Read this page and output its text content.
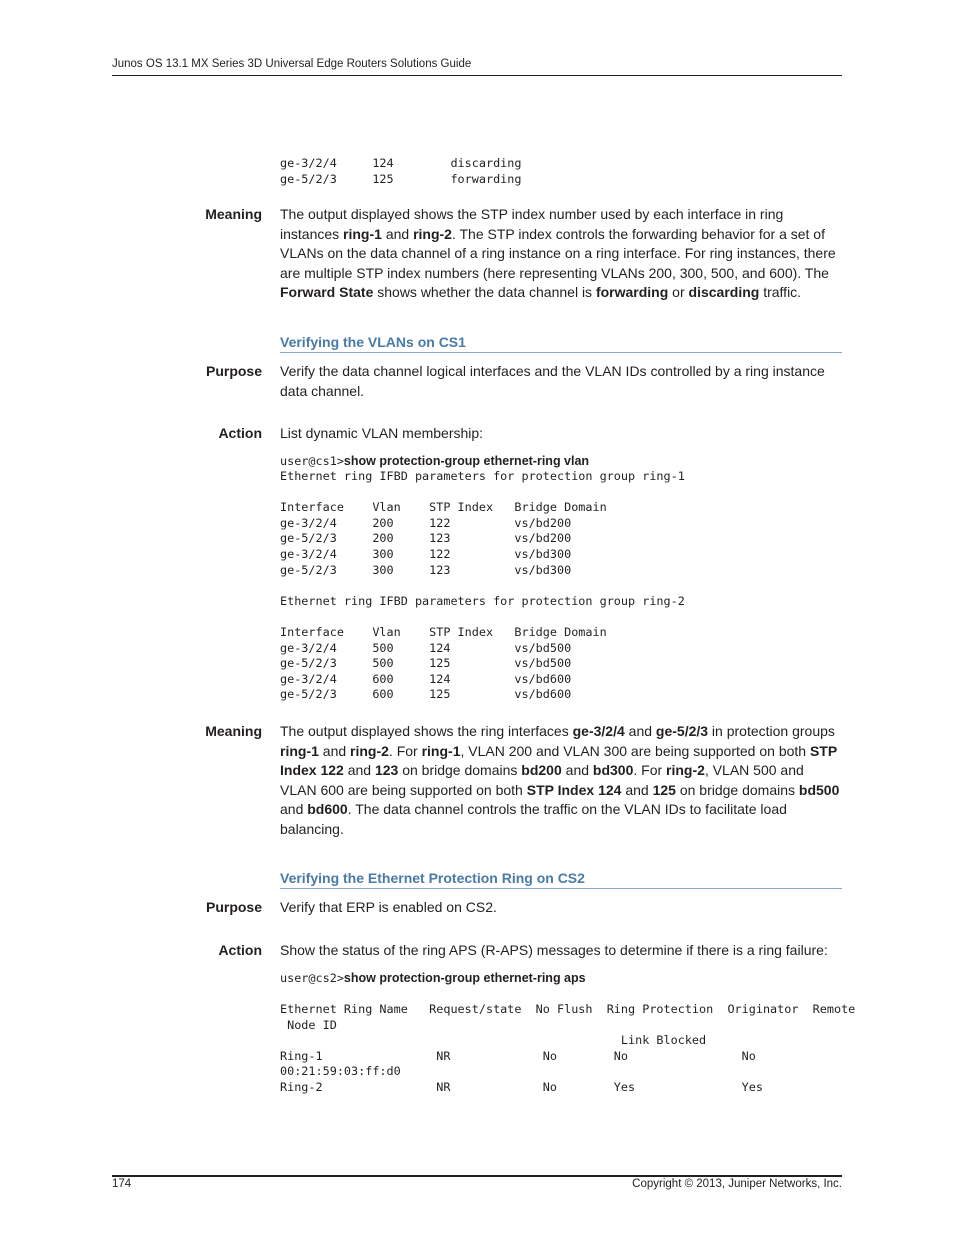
Junos OS 13.1 MX Series 3D Universal Edge Routers Solutions Guide
ge-3/2/4     124        discarding
ge-5/2/3     125        forwarding
Meaning The output displayed shows the STP index number used by each interface in ring instances ring-1 and ring-2. The STP index controls the forwarding behavior for a set of VLANs on the data channel of a ring instance on a ring interface. For ring instances, there are multiple STP index numbers (here representing VLANs 200, 300, 500, and 600). The Forward State shows whether the data channel is forwarding or discarding traffic.
Verifying the VLANs on CS1
Purpose Verify the data channel logical interfaces and the VLAN IDs controlled by a ring instance data channel.
Action List dynamic VLAN membership:
user@cs1>show protection-group ethernet-ring vlan
Ethernet ring IFBD parameters for protection group ring-1

Interface    Vlan    STP Index   Bridge Domain
ge-3/2/4     200     122         vs/bd200
ge-5/2/3     200     123         vs/bd200
ge-3/2/4     300     122         vs/bd300
ge-5/2/3     300     123         vs/bd300

Ethernet ring IFBD parameters for protection group ring-2

Interface    Vlan    STP Index   Bridge Domain
ge-3/2/4     500     124         vs/bd500
ge-5/2/3     500     125         vs/bd500
ge-3/2/4     600     124         vs/bd600
ge-5/2/3     600     125         vs/bd600
Meaning The output displayed shows the ring interfaces ge-3/2/4 and ge-5/2/3 in protection groups ring-1 and ring-2. For ring-1, VLAN 200 and VLAN 300 are being supported on both STP Index 122 and 123 on bridge domains bd200 and bd300. For ring-2, VLAN 500 and VLAN 600 are being supported on both STP Index 124 and 125 on bridge domains bd500 and bd600. The data channel controls the traffic on the VLAN IDs to facilitate load balancing.
Verifying the Ethernet Protection Ring on CS2
Purpose Verify that ERP is enabled on CS2.
Action Show the status of the ring APS (R-APS) messages to determine if there is a ring failure:
user@cs2>show protection-group ethernet-ring aps
Ethernet Ring Name   Request/state  No Flush  Ring Protection  Originator  Remote
Node ID
Link Blocked
Ring-1                NR             No        No                No
00:21:59:03:ff:d0
Ring-2                NR             No        Yes               Yes
174	Copyright © 2013, Juniper Networks, Inc.
